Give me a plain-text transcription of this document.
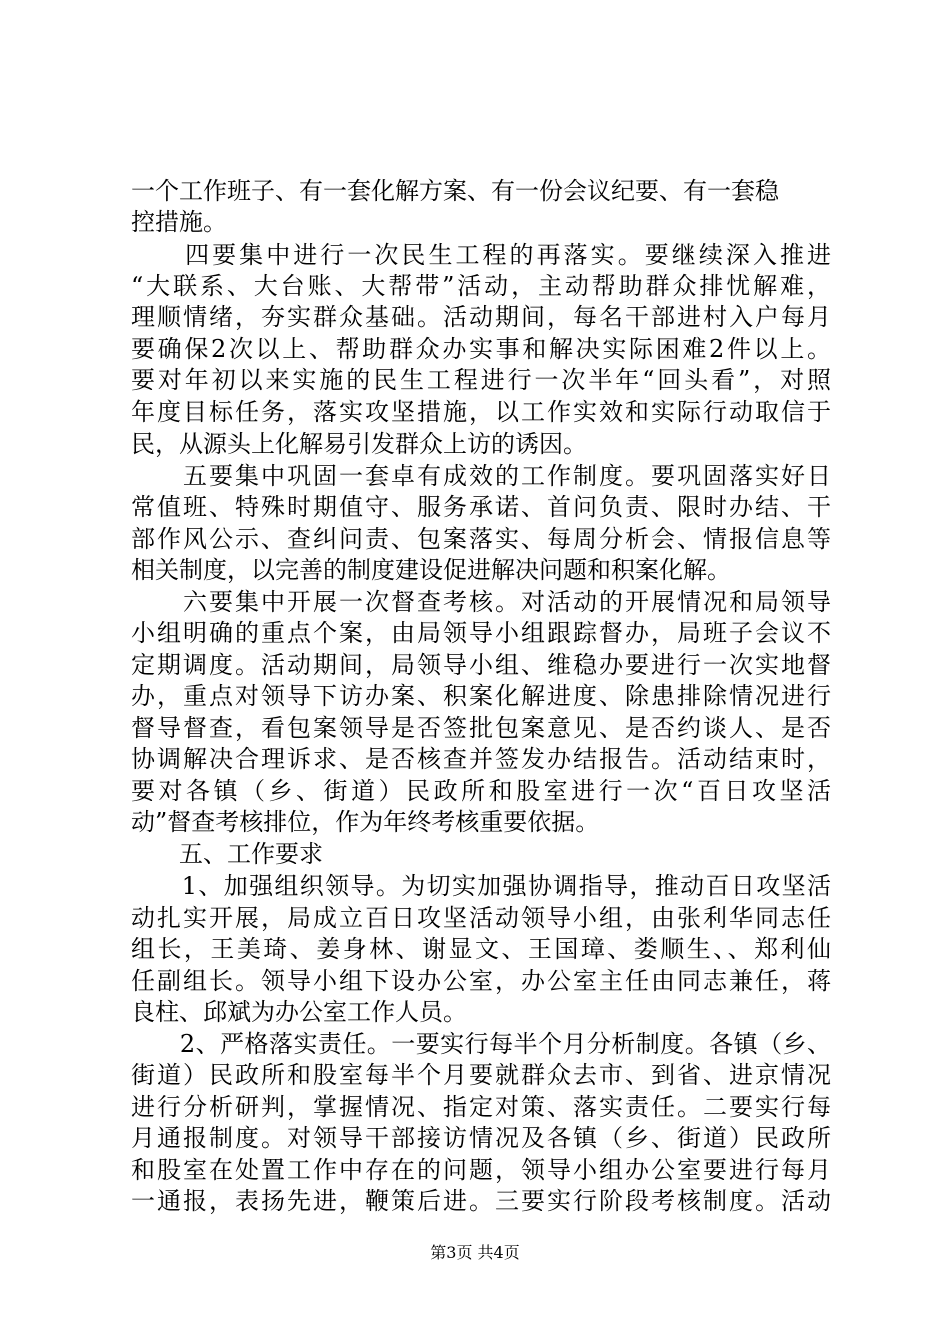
一个工作班子、有一套化解方案、有一份会议纪要、有一套稳
控措施。
　　四要集中进行一次民生工程的再落实。要继续深入推进
“大联系、大台账、大帮带”活动，主动帮助群众排忧解难，
理顺情绪，夯实群众基础。活动期间，每名干部进村入户每月
要确保2次以上、帮助群众办实事和解决实际困难2件以上。
要对年初以来实施的民生工程进行一次半年“回头看”，对照
年度目标任务，落实攻坚措施，以工作实效和实际行动取信于
民，从源头上化解易引发群众上访的诱因。
　　五要集中巩固一套卓有成效的工作制度。要巩固落实好日
常值班、特殊时期值守、服务承诺、首问负责、限时办结、干
部作风公示、查纠问责、包案落实、每周分析会、情报信息等
相关制度，以完善的制度建设促进解决问题和积案化解。
　　六要集中开展一次督查考核。对活动的开展情况和局领导
小组明确的重点个案，由局领导小组跟踪督办，局班子会议不
定期调度。活动期间，局领导小组、维稳办要进行一次实地督
办，重点对领导下访办案、积案化解进度、除患排除情况进行
督导督查，看包案领导是否签批包案意见、是否约谈人、是否
协调解决合理诉求、是否核查并签发办结报告。活动结束时，
要对各镇（乡、街道）民政所和股室进行一次“百日攻坚活
动”督查考核排位，作为年终考核重要依据。
　　五、工作要求
　　1、加强组织领导。为切实加强协调指导，推动百日攻坚活
动扎实开展，局成立百日攻坚活动领导小组，由张利华同志任
组长，王美琦、姜身林、谢显文、王国璋、娄顺生、、郑利仙
任副组长。领导小组下设办公室，办公室主任由同志兼任，蒋
良柱、邱斌为办公室工作人员。
　　2、严格落实责任。一要实行每半个月分析制度。各镇（乡、
街道）民政所和股室每半个月要就群众去市、到省、进京情况
进行分析研判，掌握情况、指定对策、落实责任。二要实行每
月通报制度。对领导干部接访情况及各镇（乡、街道）民政所
和股室在处置工作中存在的问题，领导小组办公室要进行每月
一通报，表扬先进，鞭策后进。三要实行阶段考核制度。活动
第3页 共4页
